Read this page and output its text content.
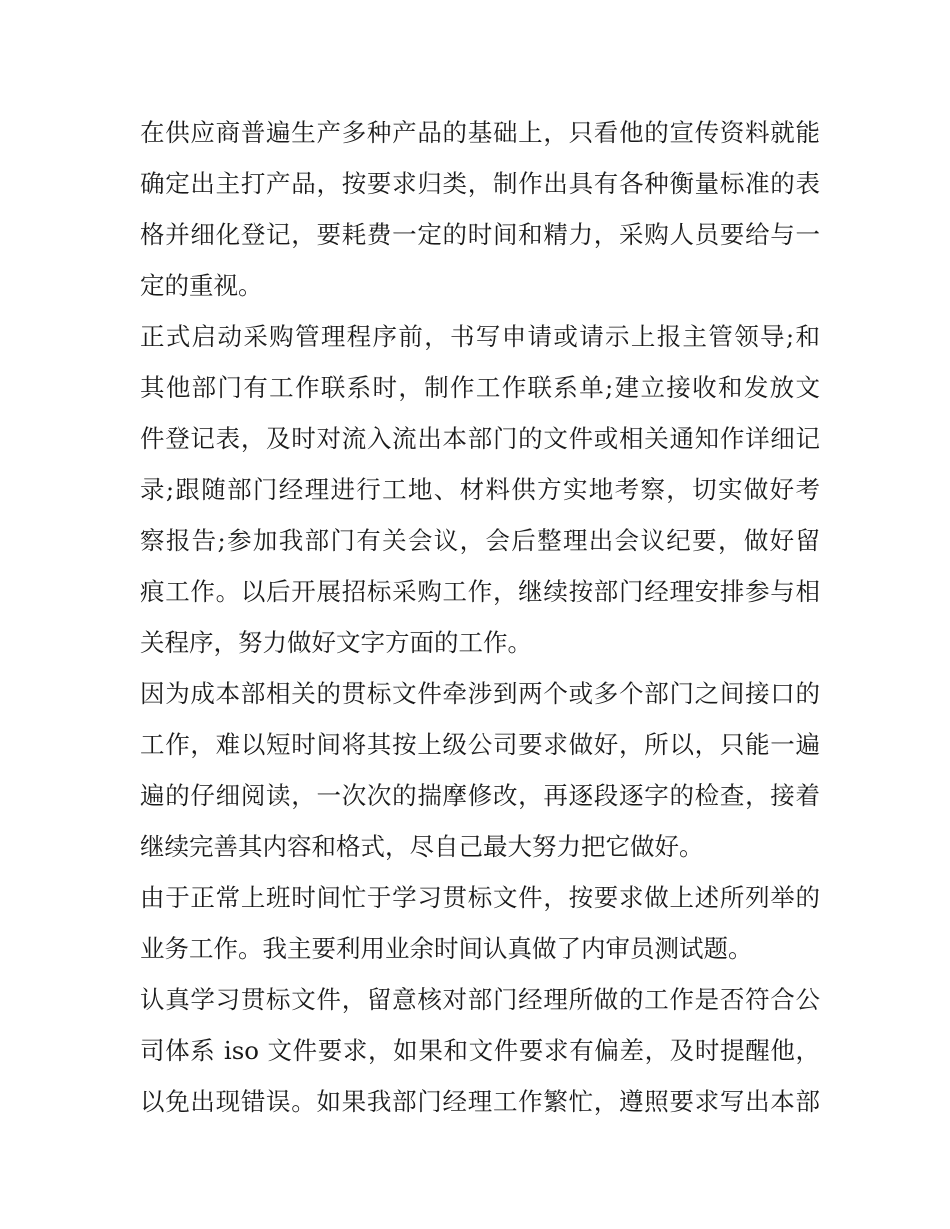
在供应商普遍生产多种产品的基础上，只看他的宣传资料就能
确定出主打产品，按要求归类，制作出具有各种衡量标准的表
格并细化登记，要耗费一定的时间和精力，采购人员要给与一
定的重视。
正式启动采购管理程序前，书写申请或请示上报主管领导;和
其他部门有工作联系时，制作工作联系单;建立接收和发放文
件登记表，及时对流入流出本部门的文件或相关通知作详细记
录;跟随部门经理进行工地、材料供方实地考察，切实做好考
察报告;参加我部门有关会议，会后整理出会议纪要，做好留
痕工作。以后开展招标采购工作，继续按部门经理安排参与相
关程序，努力做好文字方面的工作。
因为成本部相关的贯标文件牵涉到两个或多个部门之间接口的
工作，难以短时间将其按上级公司要求做好，所以，只能一遍
遍的仔细阅读，一次次的揣摩修改，再逐段逐字的检查，接着
继续完善其内容和格式，尽自己最大努力把它做好。
由于正常上班时间忙于学习贯标文件，按要求做上述所列举的
业务工作。我主要利用业余时间认真做了内审员测试题。
认真学习贯标文件，留意核对部门经理所做的工作是否符合公
司体系 iso 文件要求，如果和文件要求有偏差，及时提醒他，
以免出现错误。如果我部门经理工作繁忙，遵照要求写出本部
